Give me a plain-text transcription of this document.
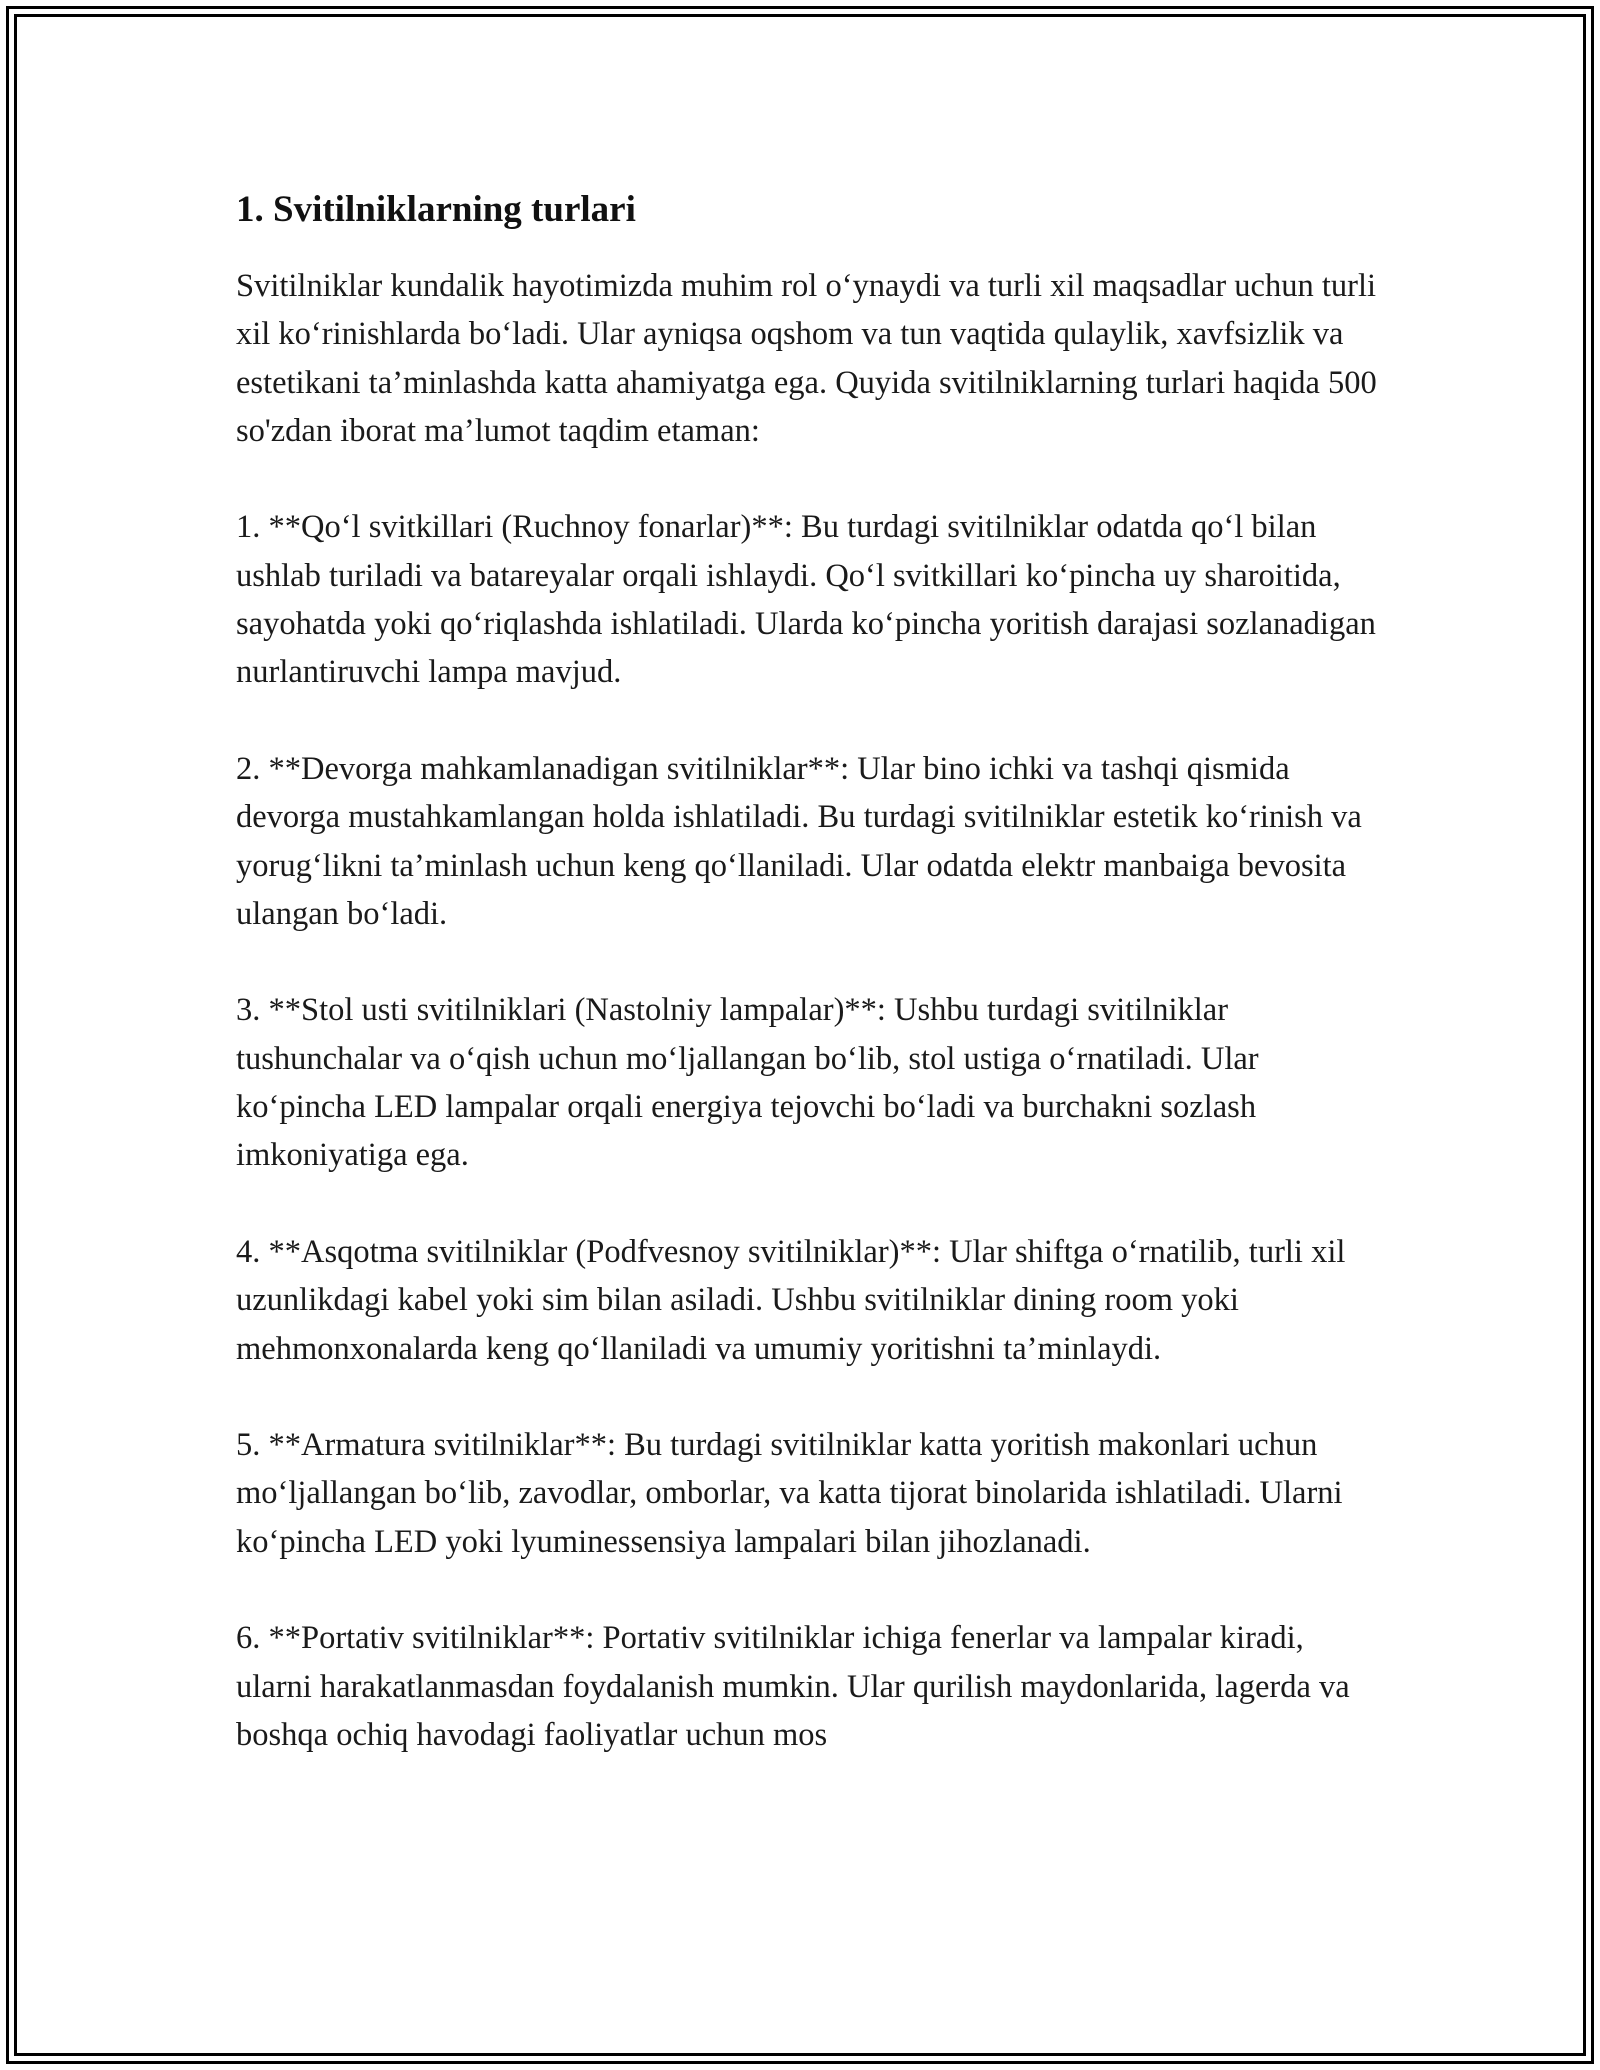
1. Svitilniklarning turlari

Svitilniklar kundalik hayotimizda muhim rol o‘ynaydi va turli xil maqsadlar uchun turli xil ko‘rinishlarda bo‘ladi. Ular ayniqsa oqshom va tun vaqtida qulaylik, xavfsizlik va estetikani ta’minlashda katta ahamiyatga ega. Quyida svitilniklarning turlari haqida 500 so'zdan iborat ma’lumot taqdim etaman:

1. **Qo‘l svitkillari (Ruchnoy fonarlar)**: Bu turdagi svitilniklar odatda qo‘l bilan ushlab turiladi va batareyalar orqali ishlaydi. Qo‘l svitkillari ko‘pincha uy sharoitida, sayohatda yoki qo‘riqlashda ishlatiladi. Ularda ko‘pincha yoritish darajasi sozlanadigan nurlantiruvchi lampa mavjud.

2. **Devorga mahkamlanadigan svitilniklar**: Ular bino ichki va tashqi qismida devorga mustahkamlangan holda ishlatiladi. Bu turdagi svitilniklar estetik ko‘rinish va yorug‘likni ta’minlash uchun keng qo‘llaniladi. Ular odatda elektr manbaiga bevosita ulangan bo‘ladi.

3. **Stol usti svitilniklari (Nastolniy lampalar)**: Ushbu turdagi svitilniklar tushunchalar va o‘qish uchun mo‘ljallangan bo‘lib, stol ustiga o‘rnatiladi. Ular ko‘pincha LED lampalar orqali energiya tejovchi bo‘ladi va burchakni sozlash imkoniyatiga ega.

4. **Asqotma svitilniklar (Podfvesnoy svitilniklar)**: Ular shiftga o‘rnatilib, turli xil uzunlikdagi kabel yoki sim bilan asiladi. Ushbu svitilniklar dining room yoki mehmonxonalarda keng qo‘llaniladi va umumiy yoritishni ta’minlaydi.

5. **Armatura svitilniklar**: Bu turdagi svitilniklar katta yoritish makonlari uchun mo‘ljallangan bo‘lib, zavodlar, omborlar, va katta tijorat binolarida ishlatiladi. Ularni ko‘pincha LED yoki lyuminessensiya lampalari bilan jihozlanadi.

6. **Portativ svitilniklar**: Portativ svitilniklar ichiga fenerlar va lampalar kiradi, ularni harakatlanmasdan foydalanish mumkin. Ular qurilish maydonlarida, lagerda va boshqa ochiq havodagi faoliyatlar uchun mos
